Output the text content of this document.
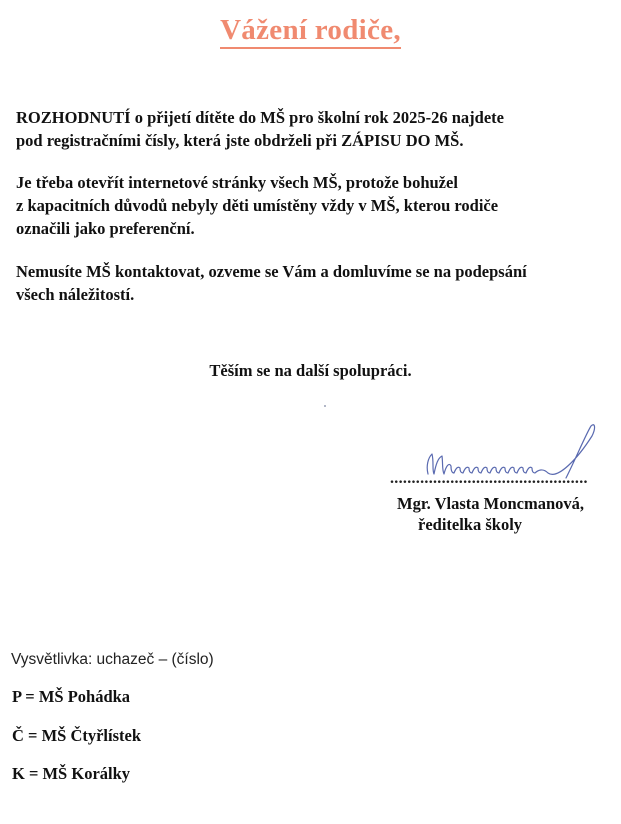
Vážení rodiče,
ROZHODNUTÍ o přijetí dítěte do MŠ pro školní rok 2025-26 najdete
pod registračními čísly, která jste obdrželi při ZÁPISU DO MŠ.
Je třeba otevřít internetové stránky všech MŠ, protože bohužel
z kapacitních důvodů nebyly děti umístěny vždy v MŠ, kterou rodiče
označili jako preferenční.
Nemusíte MŠ kontaktovat, ozveme se Vám a domluvíme se na podepsání
všech náležitostí.
Těším se na další spolupráci.
..............................................
Mgr. Vlasta Moncmanová,
ředitelka školy
Vysvětlivka: uchazeč – (číslo)
P = MŠ Pohádka
Č = MŠ Čtyřlístek
K = MŠ Korálky
